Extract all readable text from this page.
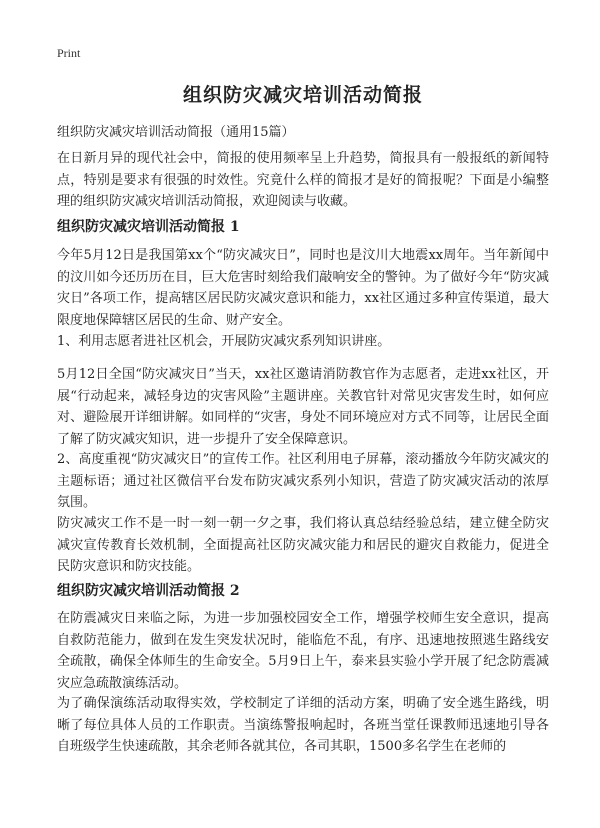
Print
组织防灾减灾培训活动简报

组织防灾减灾培训活动简报（通用15篇）

在日新月异的现代社会中，简报的使用频率呈上升趋势，简报具有一般报纸的新闻特点，特别是要求有很强的时效性。究竟什么样的简报才是好的简报呢？下面是小编整理的组织防灾减灾培训活动简报，欢迎阅读与收藏。

组织防灾减灾培训活动简报 1

今年5月12日是我国第xx个“防灾减灾日”，同时也是汶川大地震xx周年。当年新闻中的汶川如今还历历在目，巨大危害时刻给我们敲响安全的警钟。为了做好今年“防灾减灾日”各项工作，提高辖区居民防灾减灾意识和能力，xx社区通过多种宣传渠道，最大限度地保障辖区居民的生命、财产安全。

1、利用志愿者进社区机会，开展防灾减灾系列知识讲座。

5月12日全国“防灾减灾日”当天，xx社区邀请消防教官作为志愿者，走进xx社区，开展“行动起来，减轻身边的灾害风险”主题讲座。关教官针对常见灾害发生时，如何应对、避险展开详细讲解。如同样的“灾害，身处不同环境应对方式不同等，让居民全面了解了防灾减灾知识，进一步提升了安全保障意识。

2、高度重视“防灾减灾日”的宣传工作。社区利用电子屏幕，滚动播放今年防灾减灾的主题标语；通过社区微信平台发布防灾减灾系列小知识，营造了防灾减灾活动的浓厚氛围。

防灾减灾工作不是一时一刻一朝一夕之事，我们将认真总结经验总结，建立健全防灾减灾宣传教育长效机制，全面提高社区防灾减灾能力和居民的避灾自救能力，促进全民防灾意识和防灾技能。

组织防灾减灾培训活动简报 2

在防震减灾日来临之际，为进一步加强校园安全工作，增强学校师生安全意识，提高自救防范能力，做到在发生突发状况时，能临危不乱，有序、迅速地按照逃生路线安全疏散，确保全体师生的生命安全。5月9日上午，泰来县实验小学开展了纪念防震减灾应急疏散演练活动。

为了确保演练活动取得实效，学校制定了详细的活动方案，明确了安全逃生路线，明晰了每位具体人员的工作职责。当演练警报响起时，各班当堂任课教师迅速地引导各自班级学生快速疏散，其余老师各就其位，各司其职，1500多名学生在老师的
